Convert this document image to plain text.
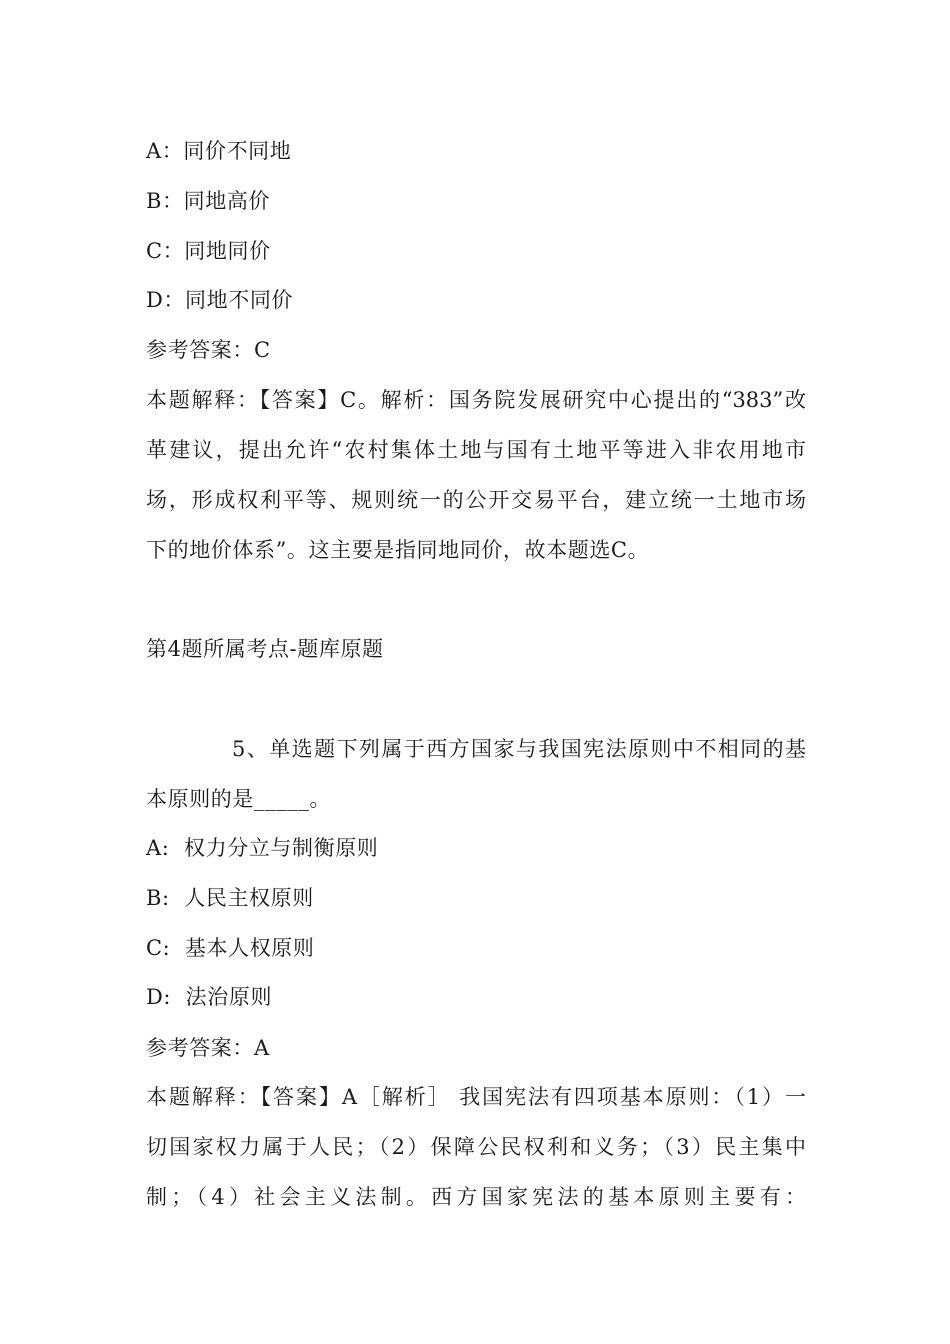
A：同价不同地
B：同地高价
C：同地同价
D：同地不同价
参考答案：C
本题解释：【答案】C。解析：国务院发展研究中心提出的“383”改
革建议，提出允许“农村集体土地与国有土地平等进入非农用地市
场，形成权利平等、规则统一的公开交易平台，建立统一土地市场
下的地价体系”。这主要是指同地同价，故本题选C。
第4题所属考点-题库原题
5、单选题下列属于西方国家与我国宪法原则中不相同的基
本原则的是_____。
A:  权力分立与制衡原则
B:  人民主权原则
C:  基本人权原则
D:  法治原则
参考答案：A
本题解释：【答案】A［解析］ 我国宪法有四项基本原则：（1）一
切国家权力属于人民；（2）保障公民权利和义务；（3）民主集中
制；（4）社会主义法制。西方国家宪法的基本原则主要有：
